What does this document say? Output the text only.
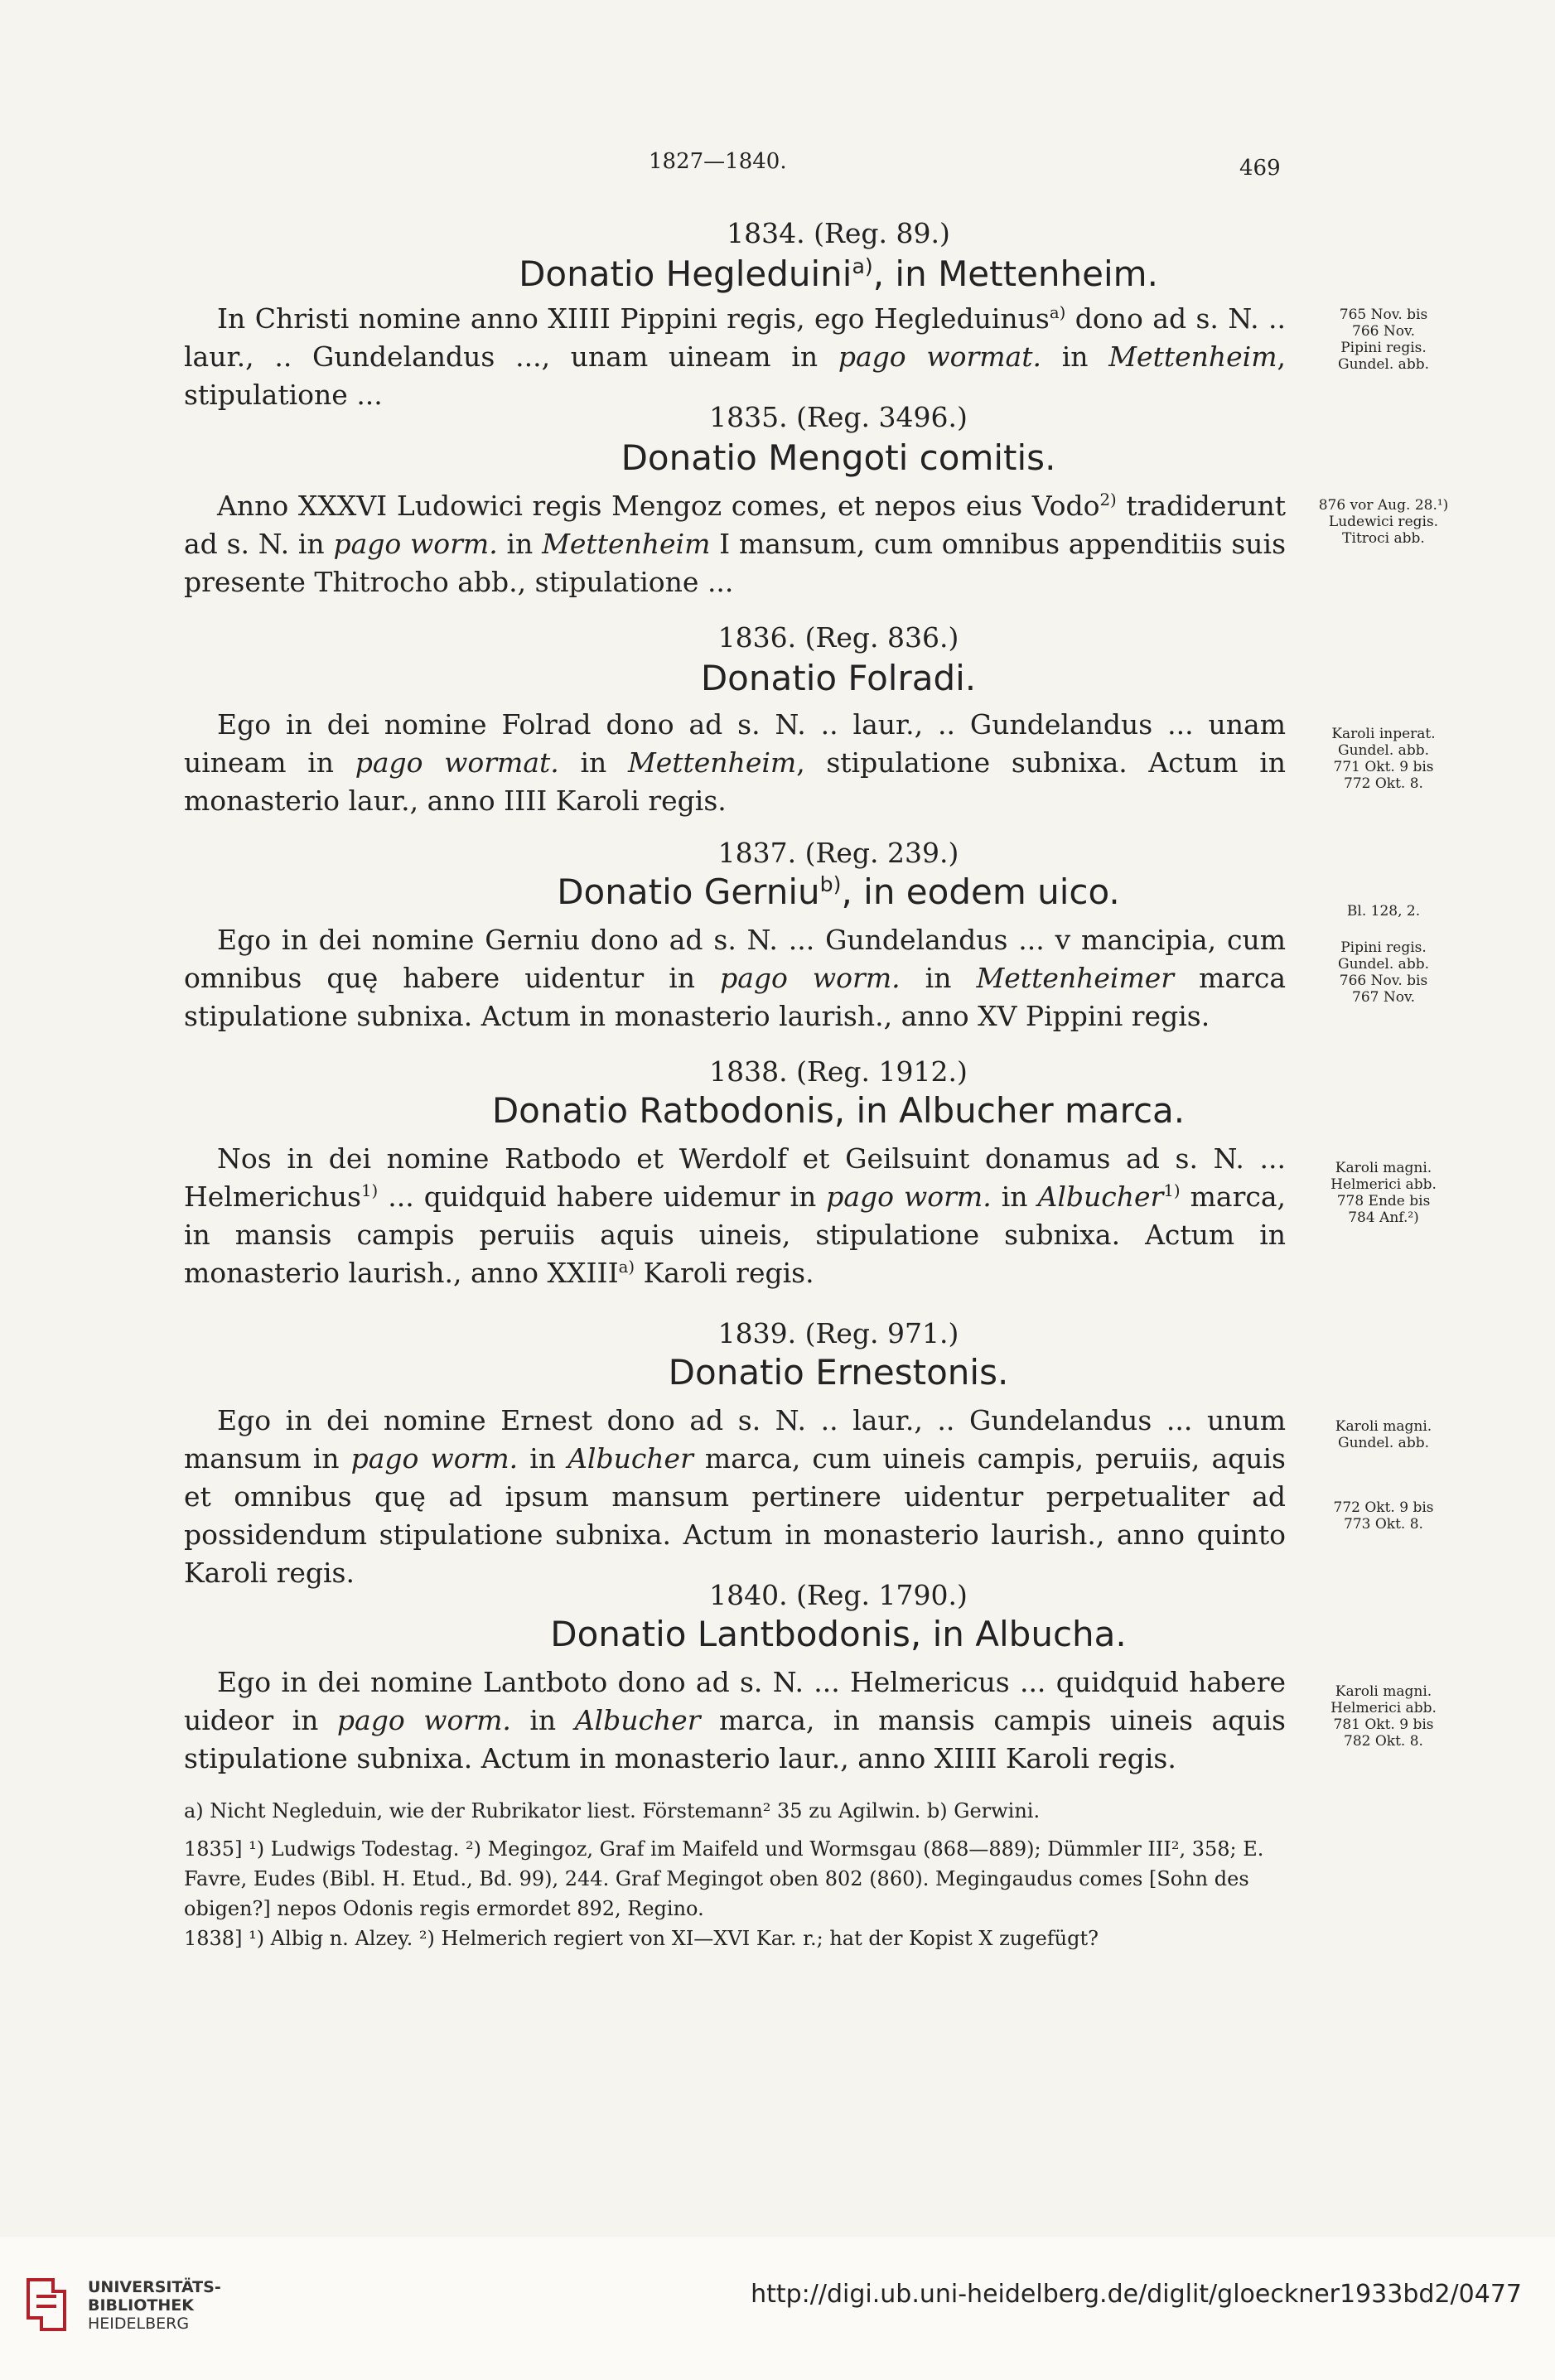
1827—1840.	469
1834. (Reg. 89.)
Donatio Hegleduini$^{a)}$, in Mettenheim.
In Christi nomine anno XIIII Pippini regis, ego Hegleduinus$^{a)}$ dono ad s. N. .. laur., .. Gundelandus ..., unam uineam in pago wormat. in Mettenheim, stipulatione ...
765 Nov. bis
766 Nov.
Pipini regis.
Gundel. abb.
1835. (Reg. 3496.)
Donatio Mengoti comitis.
Anno XXXVI Ludowici regis Mengoz comes, et nepos eius Vodo$^{2)}$ tradiderunt ad s. N. in pago worm. in Mettenheim I mansum, cum omnibus appenditiis suis presente Thitrocho abb., stipulatione ...
876 vor Aug. 28.¹)
Ludewici regis.
Titroci abb.
1836. (Reg. 836.)
Donatio Folradi.
Ego in dei nomine Folrad dono ad s. N. .. laur., .. Gundelandus ... unam uineam in pago wormat. in Mettenheim, stipulatione subnixa. Actum in monasterio laur., anno IIII Karoli regis.
Karoli inperat.
Gundel. abb.
771 Okt. 9 bis
772 Okt. 8.
1837. (Reg. 239.)
Donatio Gerniu$^{b)}$, in eodem uico.
Ego in dei nomine Gerniu dono ad s. N. ... Gundelandus ... v mancipia, cum omnibus quę habere uidentur in pago worm. in Mettenheimer marca stipulatione subnixa. Actum in monasterio laurish., anno XV Pippini regis.
Bl. 128, 2.
Pipini regis.
Gundel. abb.
766 Nov. bis
767 Nov.
1838. (Reg. 1912.)
Donatio Ratbodonis, in Albucher marca.
Nos in dei nomine Ratbodo et Werdolf et Geilsuint donamus ad s. N. ... Helmerichus$^{1)}$ ... quidquid habere uidemur in pago worm. in Albucher$^{1)}$ marca, in mansis campis peruiis aquis uineis, stipulatione subnixa. Actum in monasterio laurish., anno XXIII$^{a)}$ Karoli regis.
Karoli magni.
Helmerici abb.
778 Ende bis
784 Anf.²)
1839. (Reg. 971.)
Donatio Ernestonis.
Ego in dei nomine Ernest dono ad s. N. .. laur., .. Gundelandus ... unum mansum in pago worm. in Albucher marca, cum uineis campis, peruiis, aquis et omnibus quę ad ipsum mansum pertinere uidentur perpetualiter ad possidendum stipulatione subnixa. Actum in monasterio laurish., anno quinto Karoli regis.
Karoli magni.
Gundel. abb.
772 Okt. 9 bis
773 Okt. 8.
1840. (Reg. 1790.)
Donatio Lantbodonis, in Albucha.
Ego in dei nomine Lantboto dono ad s. N. ... Helmericus ... quidquid habere uideor in pago worm. in Albucher marca, in mansis campis uineis aquis stipulatione subnixa. Actum in monasterio laur., anno XIIII Karoli regis.
Karoli magni.
Helmerici abb.
781 Okt. 9 bis
782 Okt. 8.

a) Nicht Negleduin, wie der Rubrikator liest. Förstemann² 35 zu Agilwin. b) Gerwini.

1835] ¹) Ludwigs Todestag. ²) Megingoz, Graf im Maifeld und Wormsgau (868—889); Dümmler III², 358; E. Favre, Eudes (Bibl. H. Etud., Bd. 99), 244. Graf Megingot oben 802 (860). Megingaudus comes [Sohn des obigen?] nepos Odonis regis ermordet 892, Regino.

1838] ¹) Albig n. Alzey. ²) Helmerich regiert von XI—XVI Kar. r.; hat der Kopist X zugefügt?

UNIVERSITÄTS-
BIBLIOTHEK
HEIDELBERG
http://digi.ub.uni-heidelberg.de/diglit/gloeckner1933bd2/0477
